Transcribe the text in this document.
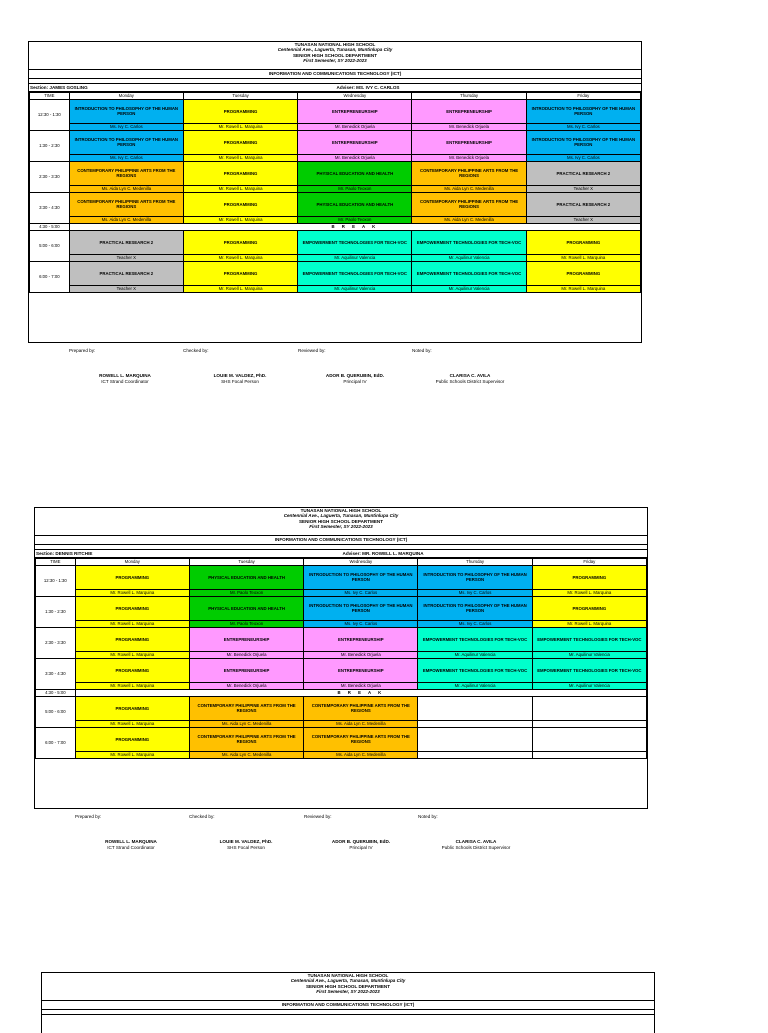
TUNASAN NATIONAL HIGH SCHOOL
Centennial Ave., Laguerta, Tunasan, Muntinlupa City
SENIOR HIGH SCHOOL DEPARTMENT
First Semester, SY 2022-2023
INFORMATION AND COMMUNICATIONS TECHNOLOGY (ICT)
Section: JAMES GOSLING	Adviser: MS. IVY C. CARLOS
TIME	Monday	Tuesday	Wednesday	Thursday	Friday
12:30 - 1:30	INTRODUCTION TO PHILOSOPHY OF THE HUMAN PERSON	PROGRAMMING	ENTREPRENEURSHIP	ENTREPRENEURSHIP	INTRODUCTION TO PHILOSOPHY OF THE HUMAN PERSON
	Ms. Ivy C. Carlos	Mr. Rowell L. Marquina	Mr. Benedick Orjuela	Mr. Benedick Orjuela	Ms. Ivy C. Carlos
1:30 - 2:30	INTRODUCTION TO PHILOSOPHY OF THE HUMAN PERSON	PROGRAMMING	ENTREPRENEURSHIP	ENTREPRENEURSHIP	INTRODUCTION TO PHILOSOPHY OF THE HUMAN PERSON
	Ms. Ivy C. Carlos	Mr. Rowell L. Marquina	Mr. Benedick Orjuela	Mr. Benedick Orjuela	Ms. Ivy C. Carlos
2:30 - 3:30	CONTEMPORARY PHILIPPINE ARTS FROM THE REGIONS	PROGRAMMING	PHYSICAL EDUCATION AND HEALTH	CONTEMPORARY PHILIPPINE ARTS FROM THE REGIONS	PRACTICAL RESEARCH 2
	Ms. Aida Lyn C. Medenilla	Mr. Rowell L. Marquina	Mr. Paolo Teoxon	Ms. Aida Lyn C. Medenilla	Teacher X
3:30 - 4:30	CONTEMPORARY PHILIPPINE ARTS FROM THE REGIONS	PROGRAMMING	PHYSICAL EDUCATION AND HEALTH	CONTEMPORARY PHILIPPINE ARTS FROM THE REGIONS	PRACTICAL RESEARCH 2
	Ms. Aida Lyn C. Medenilla	Mr. Rowell L. Marquina	Mr. Paolo Teoxon	Ms. Aida Lyn C. Medenilla	Teacher X
4:30 - 5:00	B R E A K				
5:00 - 6:00	PRACTICAL RESEARCH 2	PROGRAMMING	EMPOWERMENT TECHNOLOGIES FOR TECH-VOC	EMPOWERMENT TECHNOLOGIES FOR TECH-VOC	PROGRAMMING
	Teacher X	Mr. Rowell L. Marquina	Mr. Aquilinur Valencia	Mr. Aquilinur Valencia	Mr. Rowell L. Marquina
6:00 - 7:00	PRACTICAL RESEARCH 2	PROGRAMMING	EMPOWERMENT TECHNOLOGIES FOR TECH-VOC	EMPOWERMENT TECHNOLOGIES FOR TECH-VOC	PROGRAMMING
	Teacher X	Mr. Rowell L. Marquina	Mr. Aquilinur Valencia	Mr. Aquilinur Valencia	Mr. Rowell L. Marquina
Prepared by:	Checked by:	Reviewed by:	Noted by:
ROWELL L. MARQUINA
ICT Strand Coordinator
LOUIE M. VALDEZ, PhD.
SHS Focal Person
ADOR B. QUERUBIN, EdD.
Principal IV
CLARISA C. AVILA
Public Schools District Supervisor
TUNASAN NATIONAL HIGH SCHOOL
Centennial Ave., Laguerta, Tunasan, Muntinlupa City
SENIOR HIGH SCHOOL DEPARTMENT
First Semester, SY 2022-2023
INFORMATION AND COMMUNICATIONS TECHNOLOGY (ICT)
Section: DENNIS RITCHIE	Adviser: MR. ROWELL L. MARQUINA
TIME	Monday	Tuesday	Wednesday	Thursday	Friday
12:30 - 1:30	PROGRAMMING	PHYSICAL EDUCATION AND HEALTH	INTRODUCTION TO PHILOSOPHY OF THE HUMAN PERSON	INTRODUCTION TO PHILOSOPHY OF THE HUMAN PERSON	PROGRAMMING
	Mr. Rowell L. Marquina	Mr. Paolo Teoxon	Ms. Ivy C. Carlos	Ms. Ivy C. Carlos	Mr. Rowell L. Marquina
1:30 - 2:30	PROGRAMMING	PHYSICAL EDUCATION AND HEALTH	INTRODUCTION TO PHILOSOPHY OF THE HUMAN PERSON	INTRODUCTION TO PHILOSOPHY OF THE HUMAN PERSON	PROGRAMMING
	Mr. Rowell L. Marquina	Mr. Paolo Teoxon	Ms. Ivy C. Carlos	Ms. Ivy C. Carlos	Mr. Rowell L. Marquina
2:30 - 3:30	PROGRAMMING	ENTREPRENEURSHIP	ENTREPRENEURSHIP	EMPOWERMENT TECHNOLOGIES FOR TECH-VOC	EMPOWERMENT TECHNOLOGIES FOR TECH-VOC
	Mr. Rowell L. Marquina	Mr. Benedick Orjuela	Mr. Benedick Orjuela	Mr. Aquilinur Valencia	Mr. Aquilinur Valencia
3:30 - 4:30	PROGRAMMING	ENTREPRENEURSHIP	ENTREPRENEURSHIP	EMPOWERMENT TECHNOLOGIES FOR TECH-VOC	EMPOWERMENT TECHNOLOGIES FOR TECH-VOC
	Mr. Rowell L. Marquina	Mr. Benedick Orjuela	Mr. Benedick Orjuela	Mr. Aquilinur Valencia	Mr. Aquilinur Valencia
4:30 - 5:00	B R E A K				
5:00 - 6:00	PROGRAMMING	CONTEMPORARY PHILIPPINE ARTS FROM THE REGIONS	CONTEMPORARY PHILIPPINE ARTS FROM THE REGIONS		
	Mr. Rowell L. Marquina	Ms. Aida Lyn C. Medenilla	Ms. Aida Lyn C. Medenilla		
6:00 - 7:00	PROGRAMMING	CONTEMPORARY PHILIPPINE ARTS FROM THE REGIONS	CONTEMPORARY PHILIPPINE ARTS FROM THE REGIONS		
	Mr. Rowell L. Marquina	Ms. Aida Lyn C. Medenilla	Ms. Aida Lyn C. Medenilla		
Prepared by:	Checked by:	Reviewed by:	Noted by:
ROWELL L. MARQUINA
ICT Strand Coordinator
LOUIE M. VALDEZ, PhD.
SHS Focal Person
ADOR B. QUERUBIN, EdD.
Principal IV
CLARISA C. AVILA
Public Schools District Supervisor
TUNASAN NATIONAL HIGH SCHOOL
Centennial Ave., Laguerta, Tunasan, Muntinlupa City
SENIOR HIGH SCHOOL DEPARTMENT
First Semester, SY 2022-2023
INFORMATION AND COMMUNICATIONS TECHNOLOGY (ICT)
